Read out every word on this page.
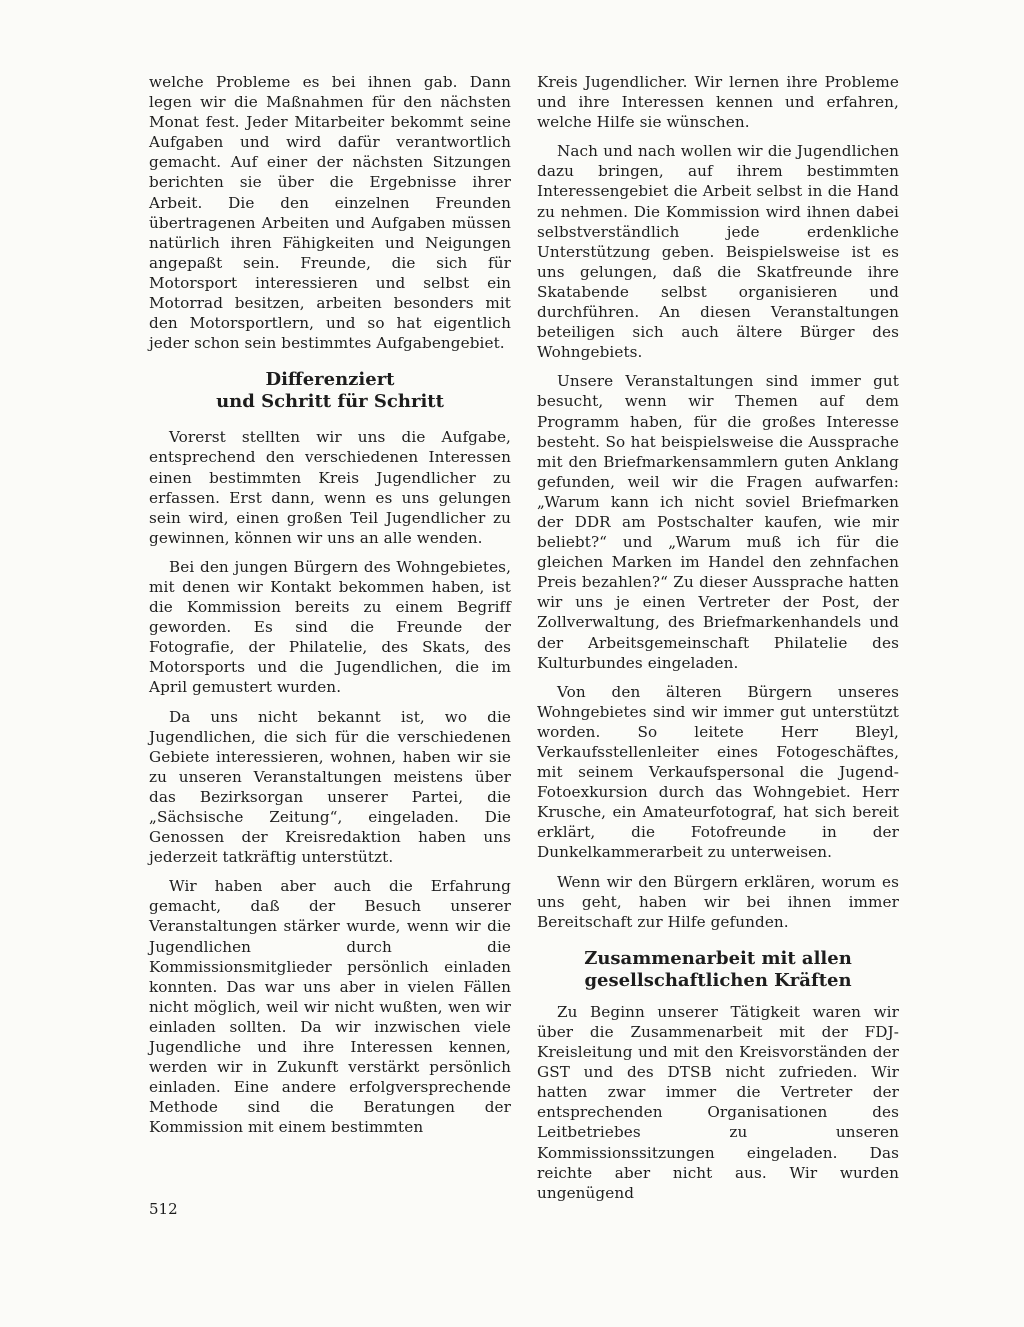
welche Probleme es bei ihnen gab. Dann legen wir die Maßnahmen für den nächsten Monat fest. Jeder Mitarbeiter bekommt seine Aufgaben und wird dafür verantwortlich gemacht. Auf einer der nächsten Sitzungen berichten sie über die Ergebnisse ihrer Arbeit. Die den einzelnen Freunden übertragenen Arbeiten und Aufgaben müssen natürlich ihren Fähigkeiten und Neigungen angepaßt sein. Freunde, die sich für Motorsport interessieren und selbst ein Motorrad besitzen, arbeiten besonders mit den Motorsportlern, und so hat eigentlich jeder schon sein bestimmtes Aufgabengebiet.

Differenziert
und Schritt für Schritt

Vorerst stellten wir uns die Aufgabe, entsprechend den verschiedenen Interessen einen bestimmten Kreis Jugendlicher zu erfassen. Erst dann, wenn es uns gelungen sein wird, einen großen Teil Jugendlicher zu gewinnen, können wir uns an alle wenden.

Bei den jungen Bürgern des Wohngebietes, mit denen wir Kontakt bekommen haben, ist die Kommission bereits zu einem Begriff geworden. Es sind die Freunde der Fotografie, der Philatelie, des Skats, des Motorsports und die Jugendlichen, die im April gemustert wurden.

Da uns nicht bekannt ist, wo die Jugendlichen, die sich für die verschiedenen Gebiete interessieren, wohnen, haben wir sie zu unseren Veranstaltungen meistens über das Bezirksorgan unserer Partei, die „Sächsische Zeitung“, eingeladen. Die Genossen der Kreisredaktion haben uns jederzeit tatkräftig unterstützt.

Wir haben aber auch die Erfahrung gemacht, daß der Besuch unserer Veranstaltungen stärker wurde, wenn wir die Jugendlichen durch die Kommissionsmitglieder persönlich einladen konnten. Das war uns aber in vielen Fällen nicht möglich, weil wir nicht wußten, wen wir einladen sollten. Da wir inzwischen viele Jugendliche und ihre Interessen kennen, werden wir in Zukunft verstärkt persönlich einladen. Eine andere erfolgversprechende Methode sind die Beratungen der Kommission mit einem bestimmten

Kreis Jugendlicher. Wir lernen ihre Probleme und ihre Interessen kennen und erfahren, welche Hilfe sie wünschen.

Nach und nach wollen wir die Jugendlichen dazu bringen, auf ihrem bestimmten Interessengebiet die Arbeit selbst in die Hand zu nehmen. Die Kommission wird ihnen dabei selbstverständlich jede erdenkliche Unterstützung geben. Beispielsweise ist es uns gelungen, daß die Skatfreunde ihre Skatabende selbst organisieren und durchführen. An diesen Veranstaltungen beteiligen sich auch ältere Bürger des Wohngebiets.

Unsere Veranstaltungen sind immer gut besucht, wenn wir Themen auf dem Programm haben, für die großes Interesse besteht. So hat beispielsweise die Aussprache mit den Briefmarkensammlern guten Anklang gefunden, weil wir die Fragen aufwarfen: „Warum kann ich nicht soviel Briefmarken der DDR am Postschalter kaufen, wie mir beliebt?“ und „Warum muß ich für die gleichen Marken im Handel den zehnfachen Preis bezahlen?“ Zu dieser Aussprache hatten wir uns je einen Vertreter der Post, der Zollverwaltung, des Briefmarkenhandels und der Arbeitsgemeinschaft Philatelie des Kulturbundes eingeladen.

Von den älteren Bürgern unseres Wohngebietes sind wir immer gut unterstützt worden. So leitete Herr Bleyl, Verkaufsstellenleiter eines Fotogeschäftes, mit seinem Verkaufspersonal die Jugend-Fotoexkursion durch das Wohngebiet. Herr Krusche, ein Amateurfotograf, hat sich bereit erklärt, die Fotofreunde in der Dunkelkammerarbeit zu unterweisen.

Wenn wir den Bürgern erklären, worum es uns geht, haben wir bei ihnen immer Bereitschaft zur Hilfe gefunden.

Zusammenarbeit mit allen
gesellschaftlichen Kräften

Zu Beginn unserer Tätigkeit waren wir über die Zusammenarbeit mit der FDJ-Kreisleitung und mit den Kreisvorständen der GST und des DTSB nicht zufrieden. Wir hatten zwar immer die Vertreter der entsprechenden Organisationen des Leitbetriebes zu unseren Kommissionssitzungen eingeladen. Das reichte aber nicht aus. Wir wurden ungenügend

512
